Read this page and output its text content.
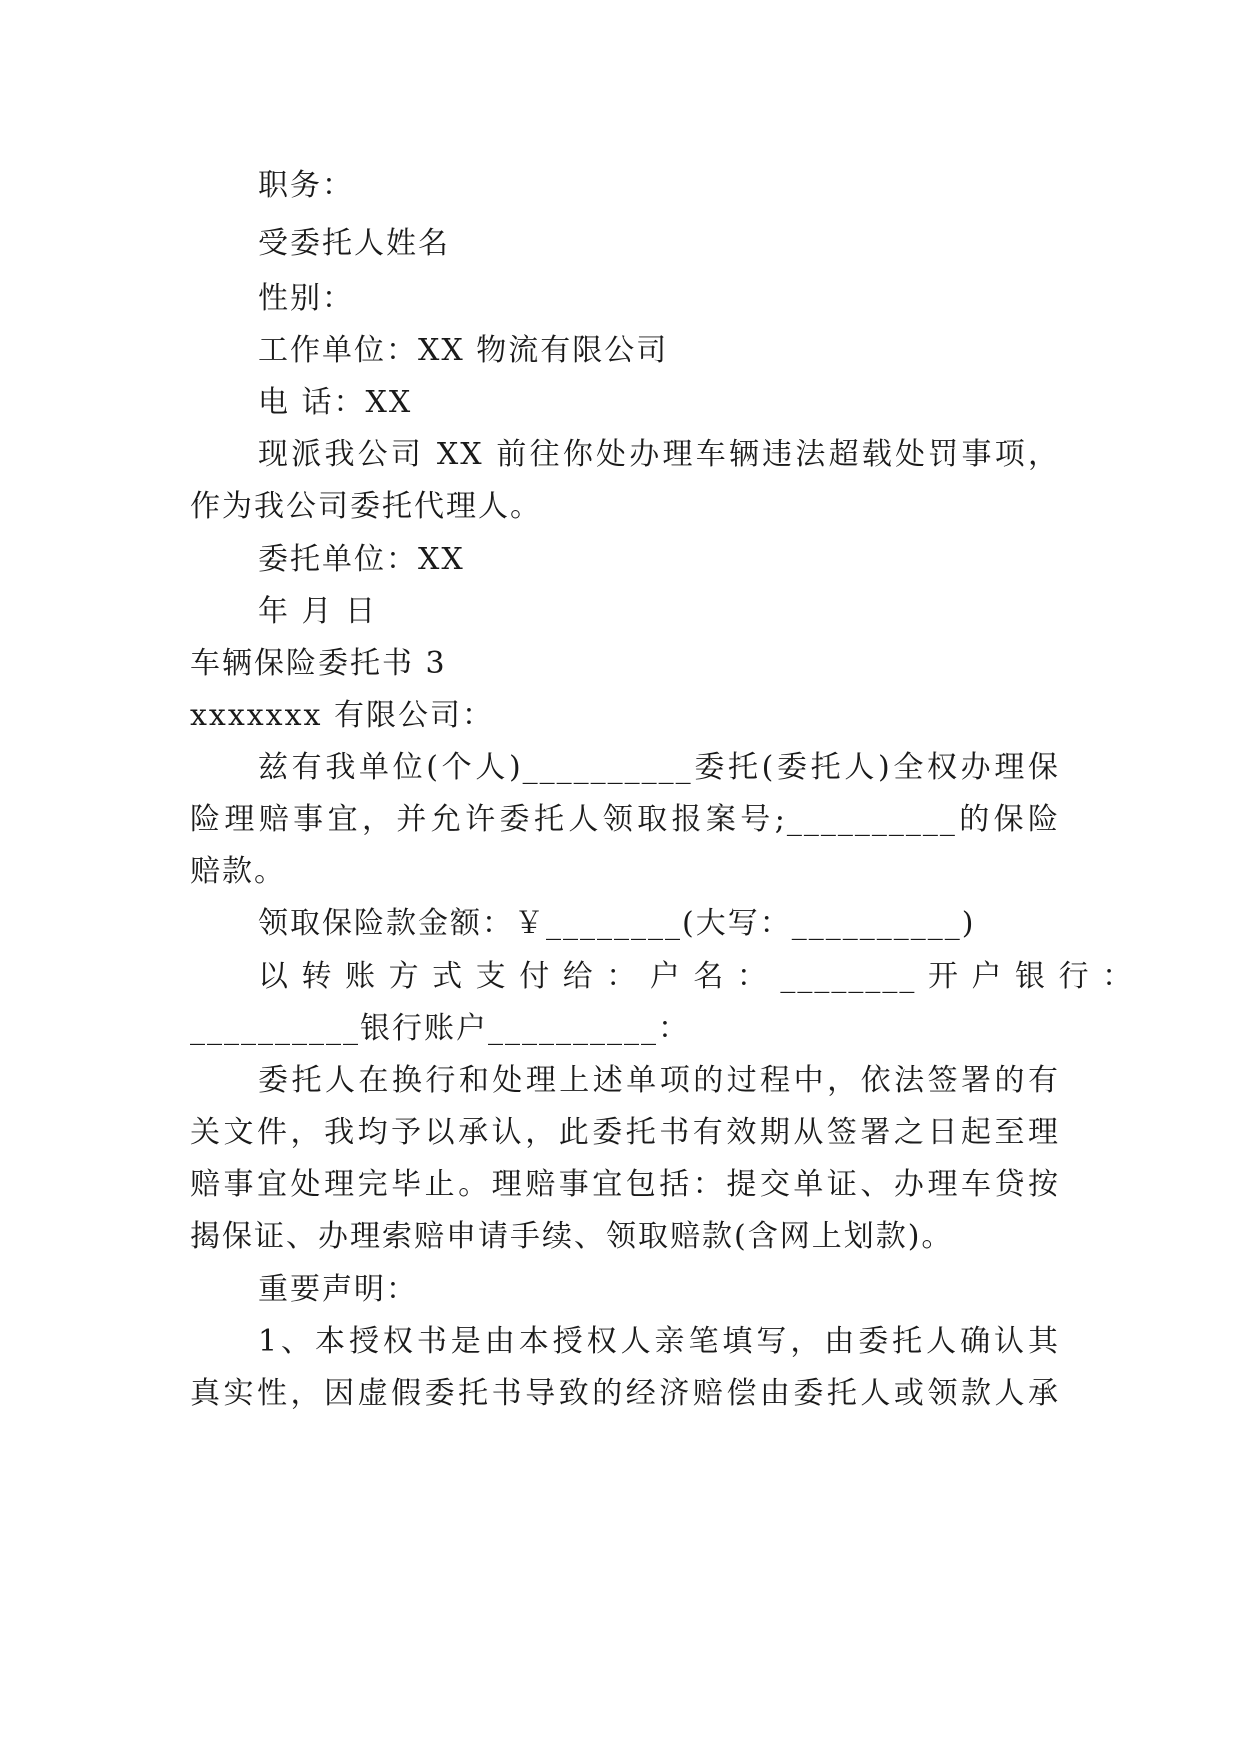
职务：
受委托人姓名
性别：
工作单位：XX 物流有限公司
电 话：XX
现派我公司 XX 前往你处办理车辆违法超载处罚事项，
作为我公司委托代理人。
委托单位：XX
年 月 日
车辆保险委托书 3
xxxxxxx 有限公司：
兹有我单位(个人)__________委托(委托人)全权办理保
险理赔事宜，并允许委托人领取报案号;__________的保险
赔款。
领取保险款金额：￥________(大写：__________)
以 转 账 方 式 支 付 给 ： 户 名 ： ________ 开 户 银 行 ：
__________银行账户__________：
委托人在换行和处理上述单项的过程中，依法签署的有
关文件，我均予以承认，此委托书有效期从签署之日起至理
赔事宜处理完毕止。理赔事宜包括：提交单证、办理车贷按
揭保证、办理索赔申请手续、领取赔款(含网上划款)。
重要声明：
1、本授权书是由本授权人亲笔填写，由委托人确认其
真实性，因虚假委托书导致的经济赔偿由委托人或领款人承
